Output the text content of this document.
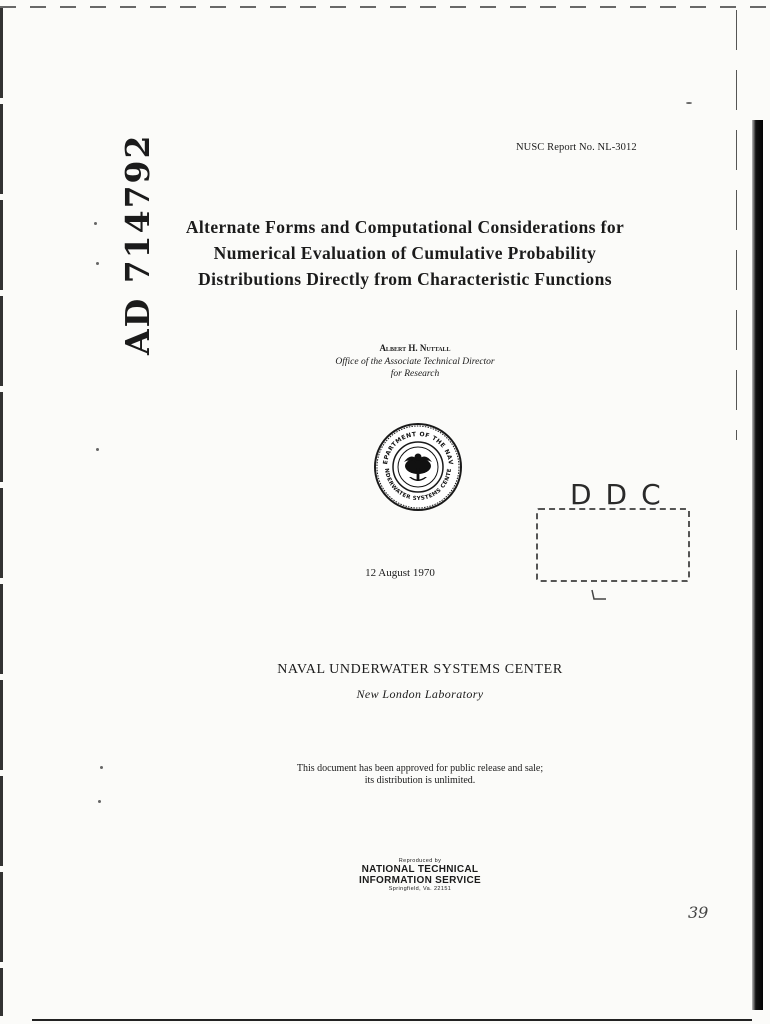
NUSC Report No. NL-3012
AD 714792	Alternate Forms and Computational Considerations for
Numerical Evaluation of Cumulative Probability
Distributions Directly from Characteristic Functions
Albert H. Nuttall
Office of the Associate Technical Director
for Research
EPARTMENT OF THE NAV
NDERWATER SYSTEMS CENTE
DDC
12 August 1970
NAVAL UNDERWATER SYSTEMS CENTER
New London Laboratory
This document has been approved for public release and sale;
its distribution is unlimited.
Reproduced by
NATIONAL TECHNICAL
INFORMATION SERVICE
Springfield, Va. 22151
39
